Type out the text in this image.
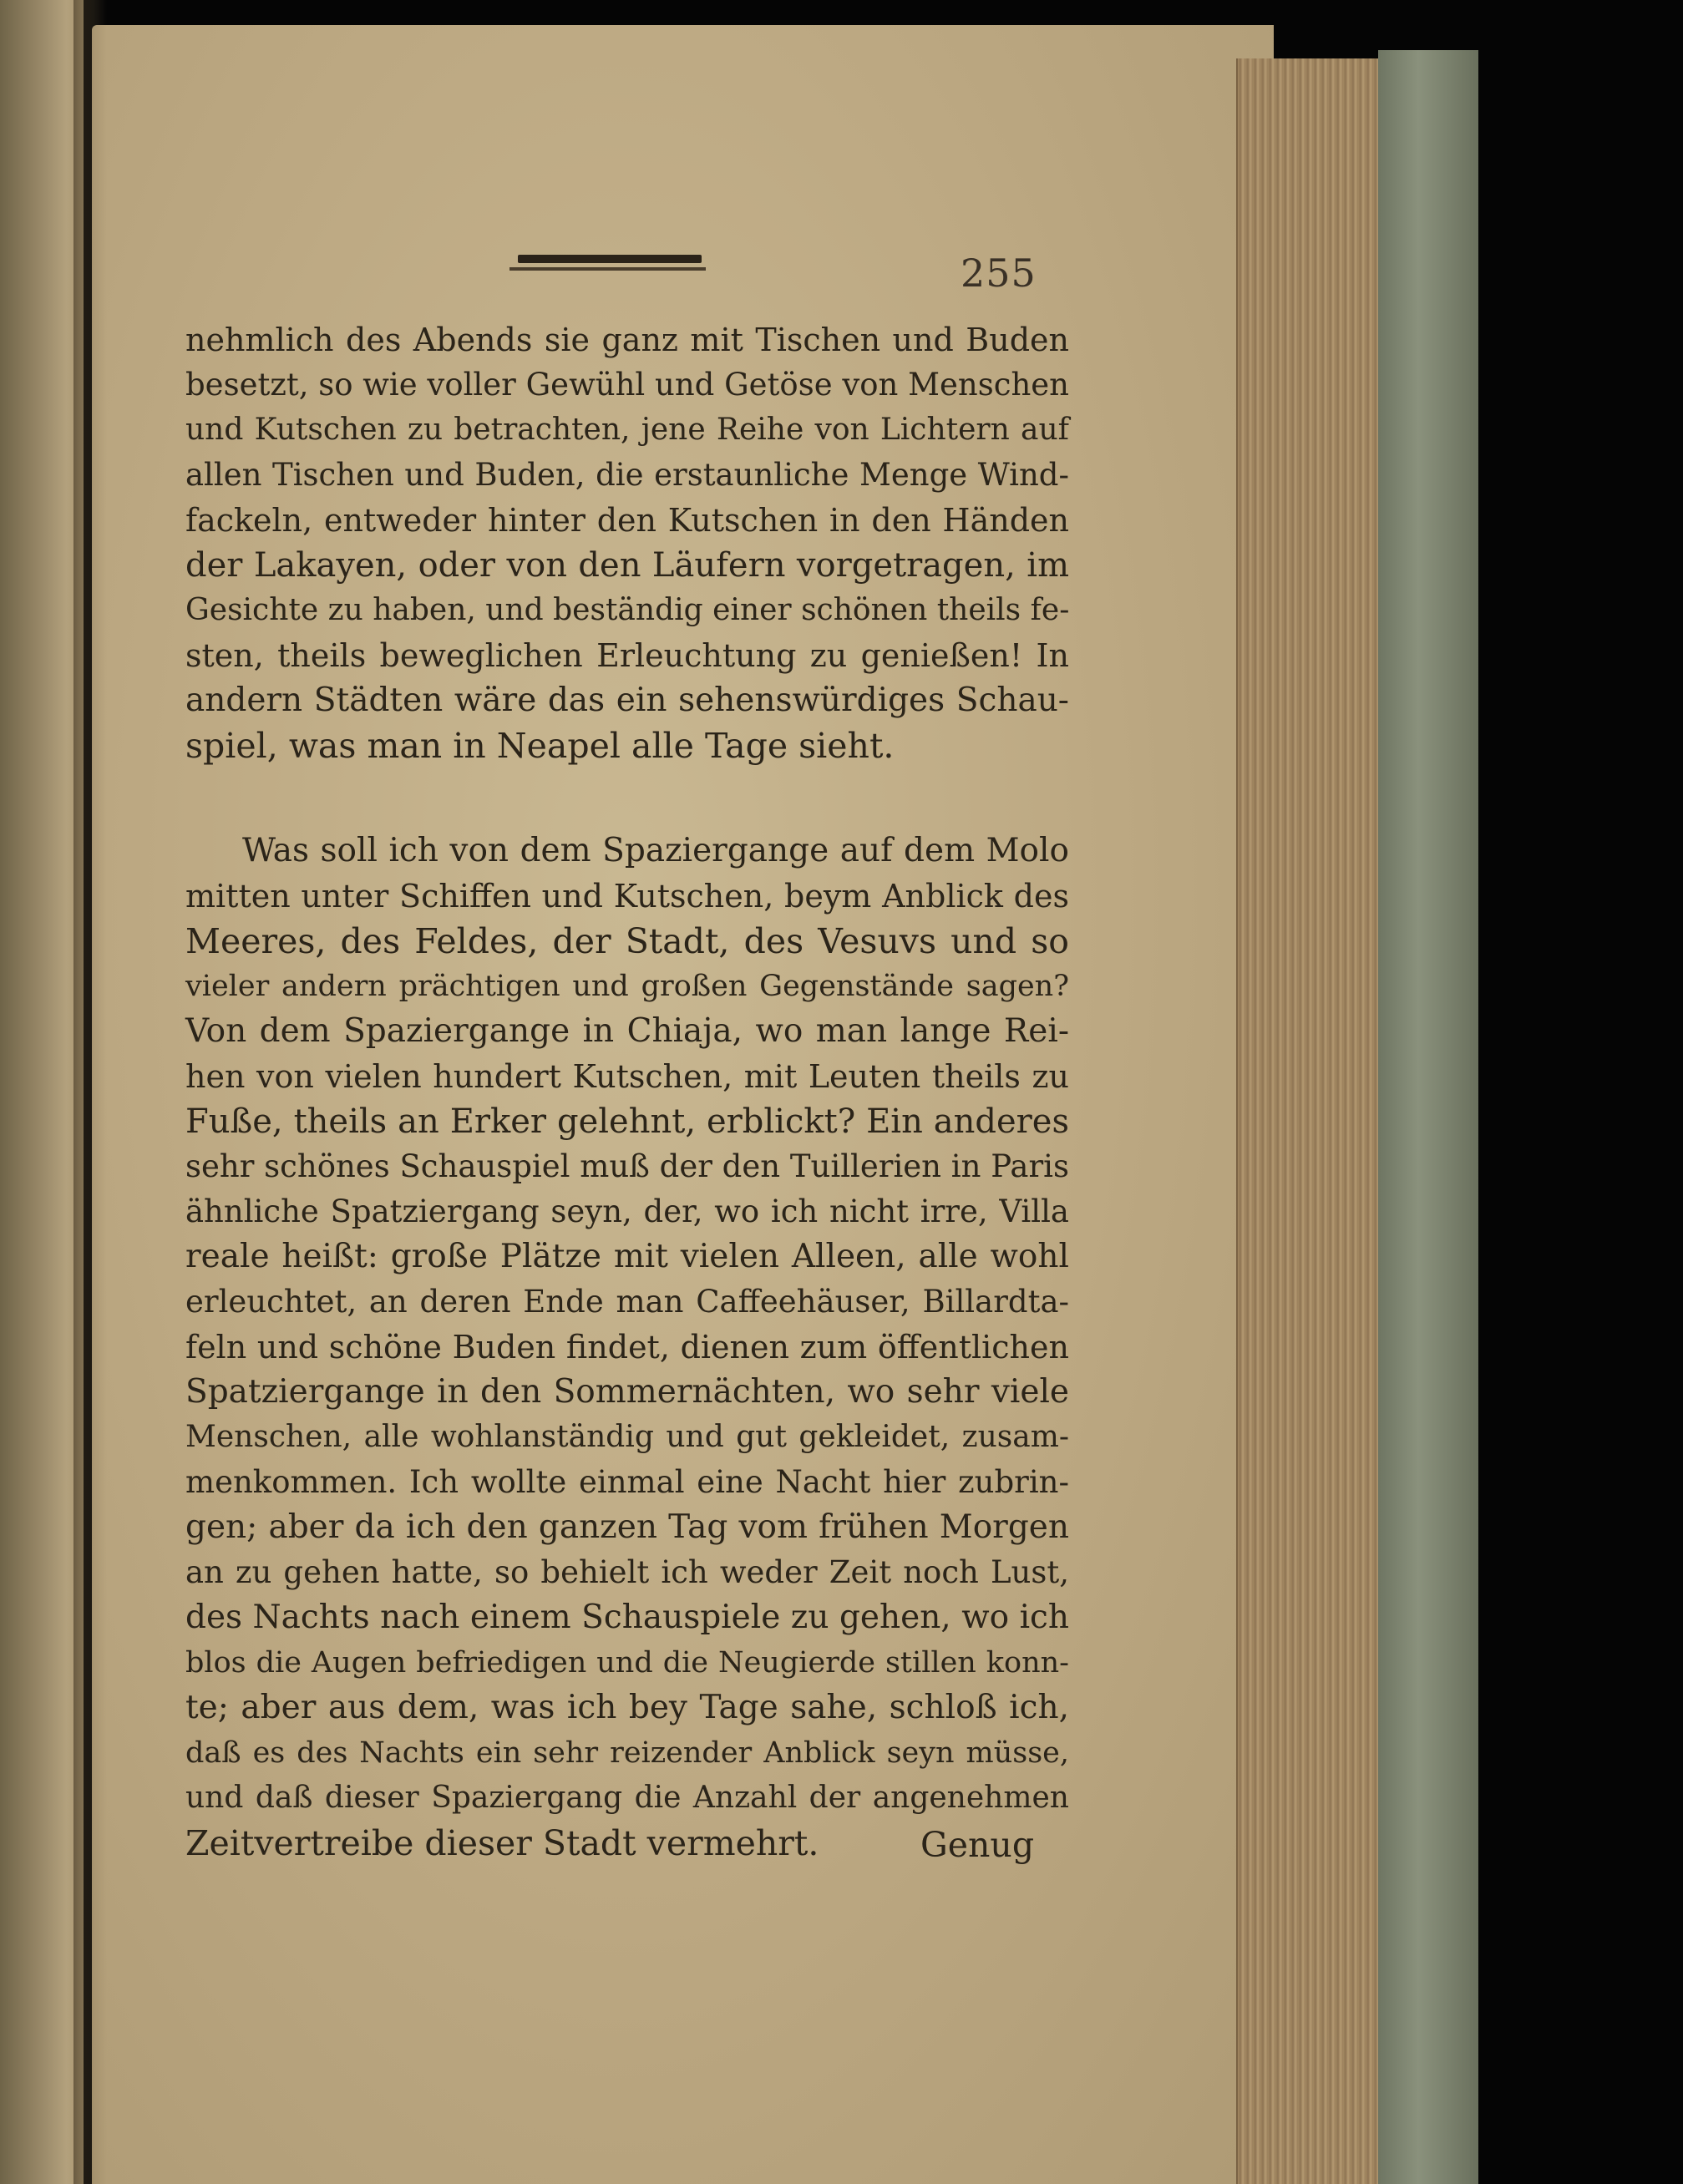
255
nehmlich des Abends sie ganz mit Tischen und Buden
besetzt, so wie voller Gewühl und Getöse von Menschen
und Kutschen zu betrachten, jene Reihe von Lichtern auf
allen Tischen und Buden, die erstaunliche Menge Wind-
fackeln, entweder hinter den Kutschen in den Händen
der Lakayen, oder von den Läufern vorgetragen, im
Gesichte zu haben, und beständig einer schönen theils fe-
sten, theils beweglichen Erleuchtung zu genießen! In
andern Städten wäre das ein sehenswürdiges Schau-
spiel, was man in Neapel alle Tage sieht.
Was soll ich von dem Spaziergange auf dem Molo
mitten unter Schiffen und Kutschen, beym Anblick des
Meeres, des Feldes, der Stadt, des Vesuvs und so
vieler andern prächtigen und großen Gegenstände sagen?
Von dem Spaziergange in Chiaja, wo man lange Rei-
hen von vielen hundert Kutschen, mit Leuten theils zu
Fuße, theils an Erker gelehnt, erblickt? Ein anderes
sehr schönes Schauspiel muß der den Tuillerien in Paris
ähnliche Spatziergang seyn, der, wo ich nicht irre, Villa
reale heißt: große Plätze mit vielen Alleen, alle wohl
erleuchtet, an deren Ende man Caffeehäuser, Billardta-
feln und schöne Buden findet, dienen zum öffentlichen
Spatziergange in den Sommernächten, wo sehr viele
Menschen, alle wohlanständig und gut gekleidet, zusam-
menkommen. Ich wollte einmal eine Nacht hier zubrin-
gen; aber da ich den ganzen Tag vom frühen Morgen
an zu gehen hatte, so behielt ich weder Zeit noch Lust,
des Nachts nach einem Schauspiele zu gehen, wo ich
blos die Augen befriedigen und die Neugierde stillen konn-
te; aber aus dem, was ich bey Tage sahe, schloß ich,
daß es des Nachts ein sehr reizender Anblick seyn müsse,
und daß dieser Spaziergang die Anzahl der angenehmen
Zeitvertreibe dieser Stadt vermehrt.	Genug
